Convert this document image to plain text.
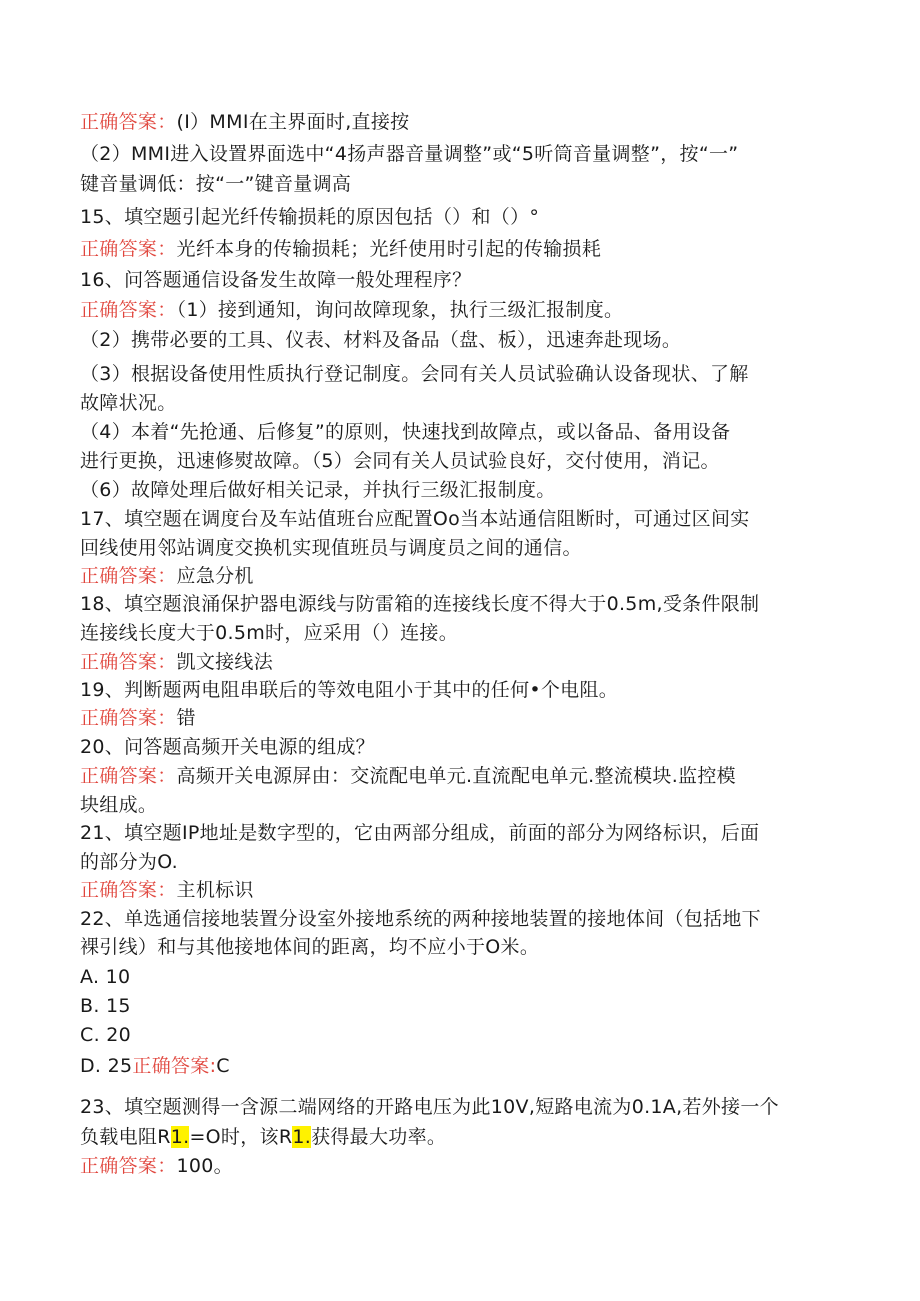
正确答案：(I）MMI在主界面时,直接按
（2）MMI进入设置界面选中“4扬声器音量调整”或“5听筒音量调整”，按“一”
键音量调低：按“一”键音量调高
15、填空题引起光纤传输损耗的原因包括（）和（）°
正确答案：光纤本身的传输损耗；光纤使用时引起的传输损耗
16、问答题通信设备发生故障一般处理程序？
正确答案：（1）接到通知，询问故障现象，执行三级汇报制度。
（2）携带必要的工具、仪表、材料及备品（盘、板），迅速奔赴现场。
（3）根据设备使用性质执行登记制度。会同有关人员试验确认设备现状、了解
故障状况。
（4）本着“先抢通、后修复”的原则，快速找到故障点，或以备品、备用设备
进行更换，迅速修熨故障。（5）会同有关人员试验良好，交付使用，消记。
（6）故障处理后做好相关记录，并执行三级汇报制度。
17、填空题在调度台及车站值班台应配置Oo当本站通信阻断时，可通过区间实
回线使用邻站调度交换机实现值班员与调度员之间的通信。
正确答案：应急分机
18、填空题浪涌保护器电源线与防雷箱的连接线长度不得大于0.5m,受条件限制
连接线长度大于0.5m时，应采用（）连接。
正确答案：凯文接线法
19、判断题两电阻串联后的等效电阻小于其中的任何•个电阻。
正确答案：错
20、问答题高频开关电源的组成？
正确答案：高频开关电源屏由：交流配电单元.直流配电单元.整流模块.监控模
块组成。
21、填空题IP地址是数字型的，它由两部分组成，前面的部分为网络标识，后面
的部分为O.
正确答案：主机标识
22、单选通信接地装置分设室外接地系统的两种接地装置的接地体间（包括地下
裸引线）和与其他接地体间的距离，均不应小于O米。
A. 10
B. 15
C. 20
D. 25正确答案:C
23、填空题测得一含源二端网络的开路电压为此10V,短路电流为0.1A,若外接一个
负载电阻R1.=O时，该R1.获得最大功率。
正确答案：100。
